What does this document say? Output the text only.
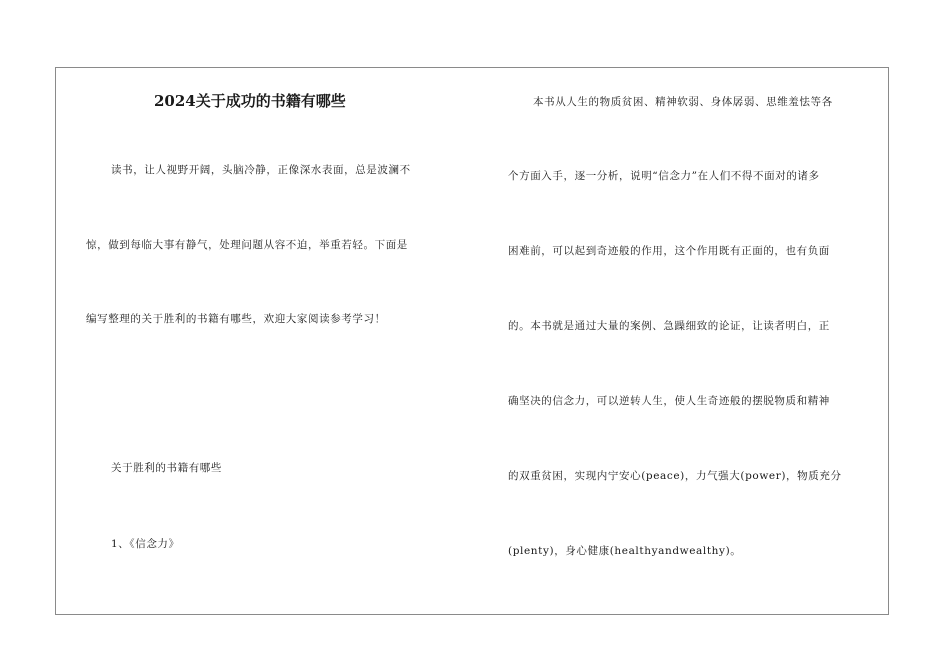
2024关于成功的书籍有哪些
读书，让人视野开阔，头脑冷静，正像深水表面，总是波澜不
惊，做到每临大事有静气，处理问题从容不迫，举重若轻。下面是
编写整理的关于胜利的书籍有哪些，欢迎大家阅读参考学习！
关于胜利的书籍有哪些
1、《信念力》
本书从人生的物质贫困、精神软弱、身体孱弱、思维羞怯等各
个方面入手，逐一分析，说明“信念力”在人们不得不面对的诸多
困难前，可以起到奇迹般的作用，这个作用既有正面的，也有负面
的。本书就是通过大量的案例、急躁细致的论证，让读者明白，正
确坚决的信念力，可以逆转人生，使人生奇迹般的摆脱物质和精神
的双重贫困，实现内宁安心(peace)，力气强大(power)，物质充分
(plenty)，身心健康(healthyandwealthy)。
